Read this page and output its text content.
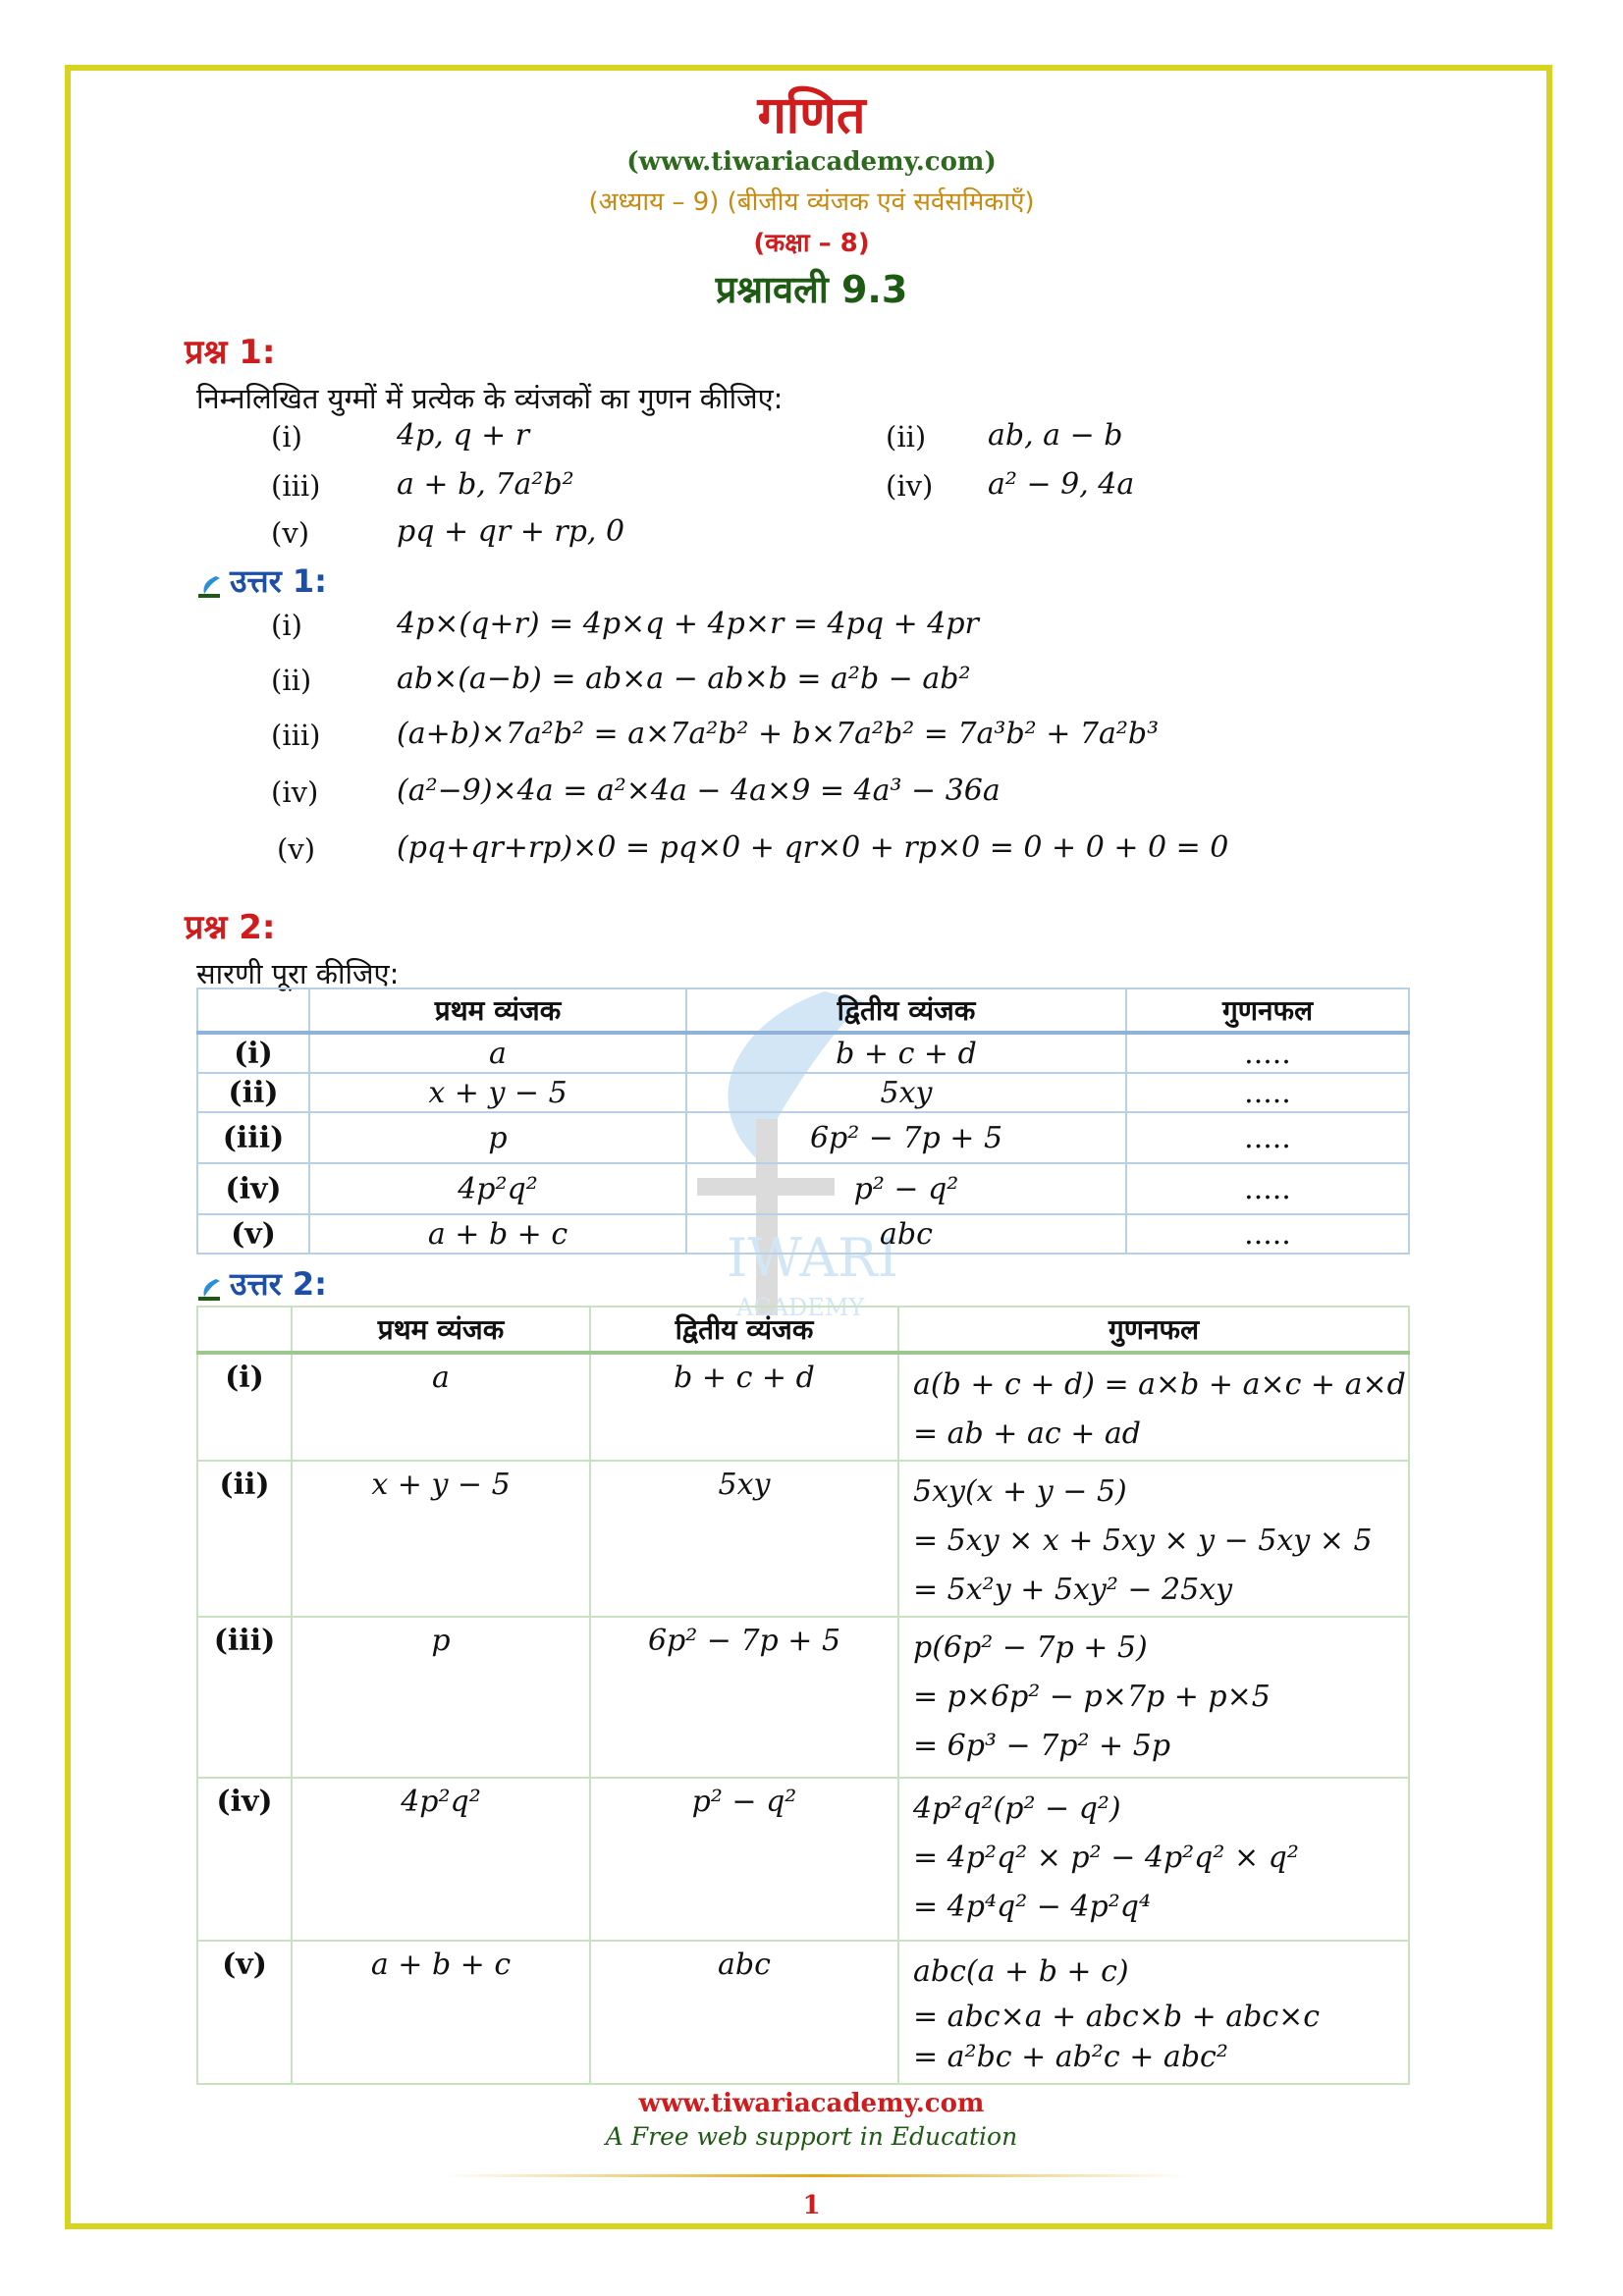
IWARI
ACADEMY
गणित
(www.tiwariacademy.com)
(अध्याय – 9) (बीजीय व्यंजक एवं सर्वसमिकाएँ)
(कक्षा – 8)
प्रश्नावली 9.3
प्रश्न 1:
निम्नलिखित युग्मों में प्रत्येक के व्यंजकों का गुणन कीजिए:
(i)	4p, q + r	(ii) ab, a − b
(iii)	a + b, 7a²b²	(iv) a² − 9, 4a
(v)	pq + qr + rp, 0
उत्तर 1:
(i)	4p×(q+r) = 4p×q + 4p×r = 4pq + 4pr
(ii)	ab×(a−b) = ab×a − ab×b = a²b − ab²
(iii)	(a+b)×7a²b² = a×7a²b² + b×7a²b² = 7a³b² + 7a²b³
(iv)	(a²−9)×4a = a²×4a − 4a×9 = 4a³ − 36a
(v)	(pq+qr+rp)×0 = pq×0 + qr×0 + rp×0 = 0 + 0 + 0 = 0
प्रश्न 2:
सारणी पूरा कीजिए:
	प्रथम व्यंजक	द्वितीय व्यंजक	गुणनफल
(i)	a	b + c + d	.....
(ii)	x + y − 5	5xy	.....
(iii)	p	6p² − 7p + 5	.....
(iv)	4p²q²	p² − q²	.....
(v)	a + b + c	abc	.....
उत्तर 2:
	प्रथम व्यंजक	द्वितीय व्यंजक	गुणनफल
(i)	a	b + c + d	a(b + c + d) = a×b + a×c + a×d
= ab + ac + ad

(ii)	x + y − 5	5xy	5xy(x + y − 5)
= 5xy × x + 5xy × y − 5xy × 5
= 5x²y + 5xy² − 25xy

(iii)	p	6p² − 7p + 5	p(6p² − 7p + 5)
= p×6p² − p×7p + p×5
= 6p³ − 7p² + 5p

(iv)	4p²q²	p² − q²	4p²q²(p² − q²)
= 4p²q² × p² − 4p²q² × q²
= 4p⁴q² − 4p²q⁴

(v)	a + b + c	abc	abc(a + b + c)
= abc×a + abc×b + abc×c
= a²bc + ab²c + abc²
www.tiwariacademy.com
A Free web support in Education
1
